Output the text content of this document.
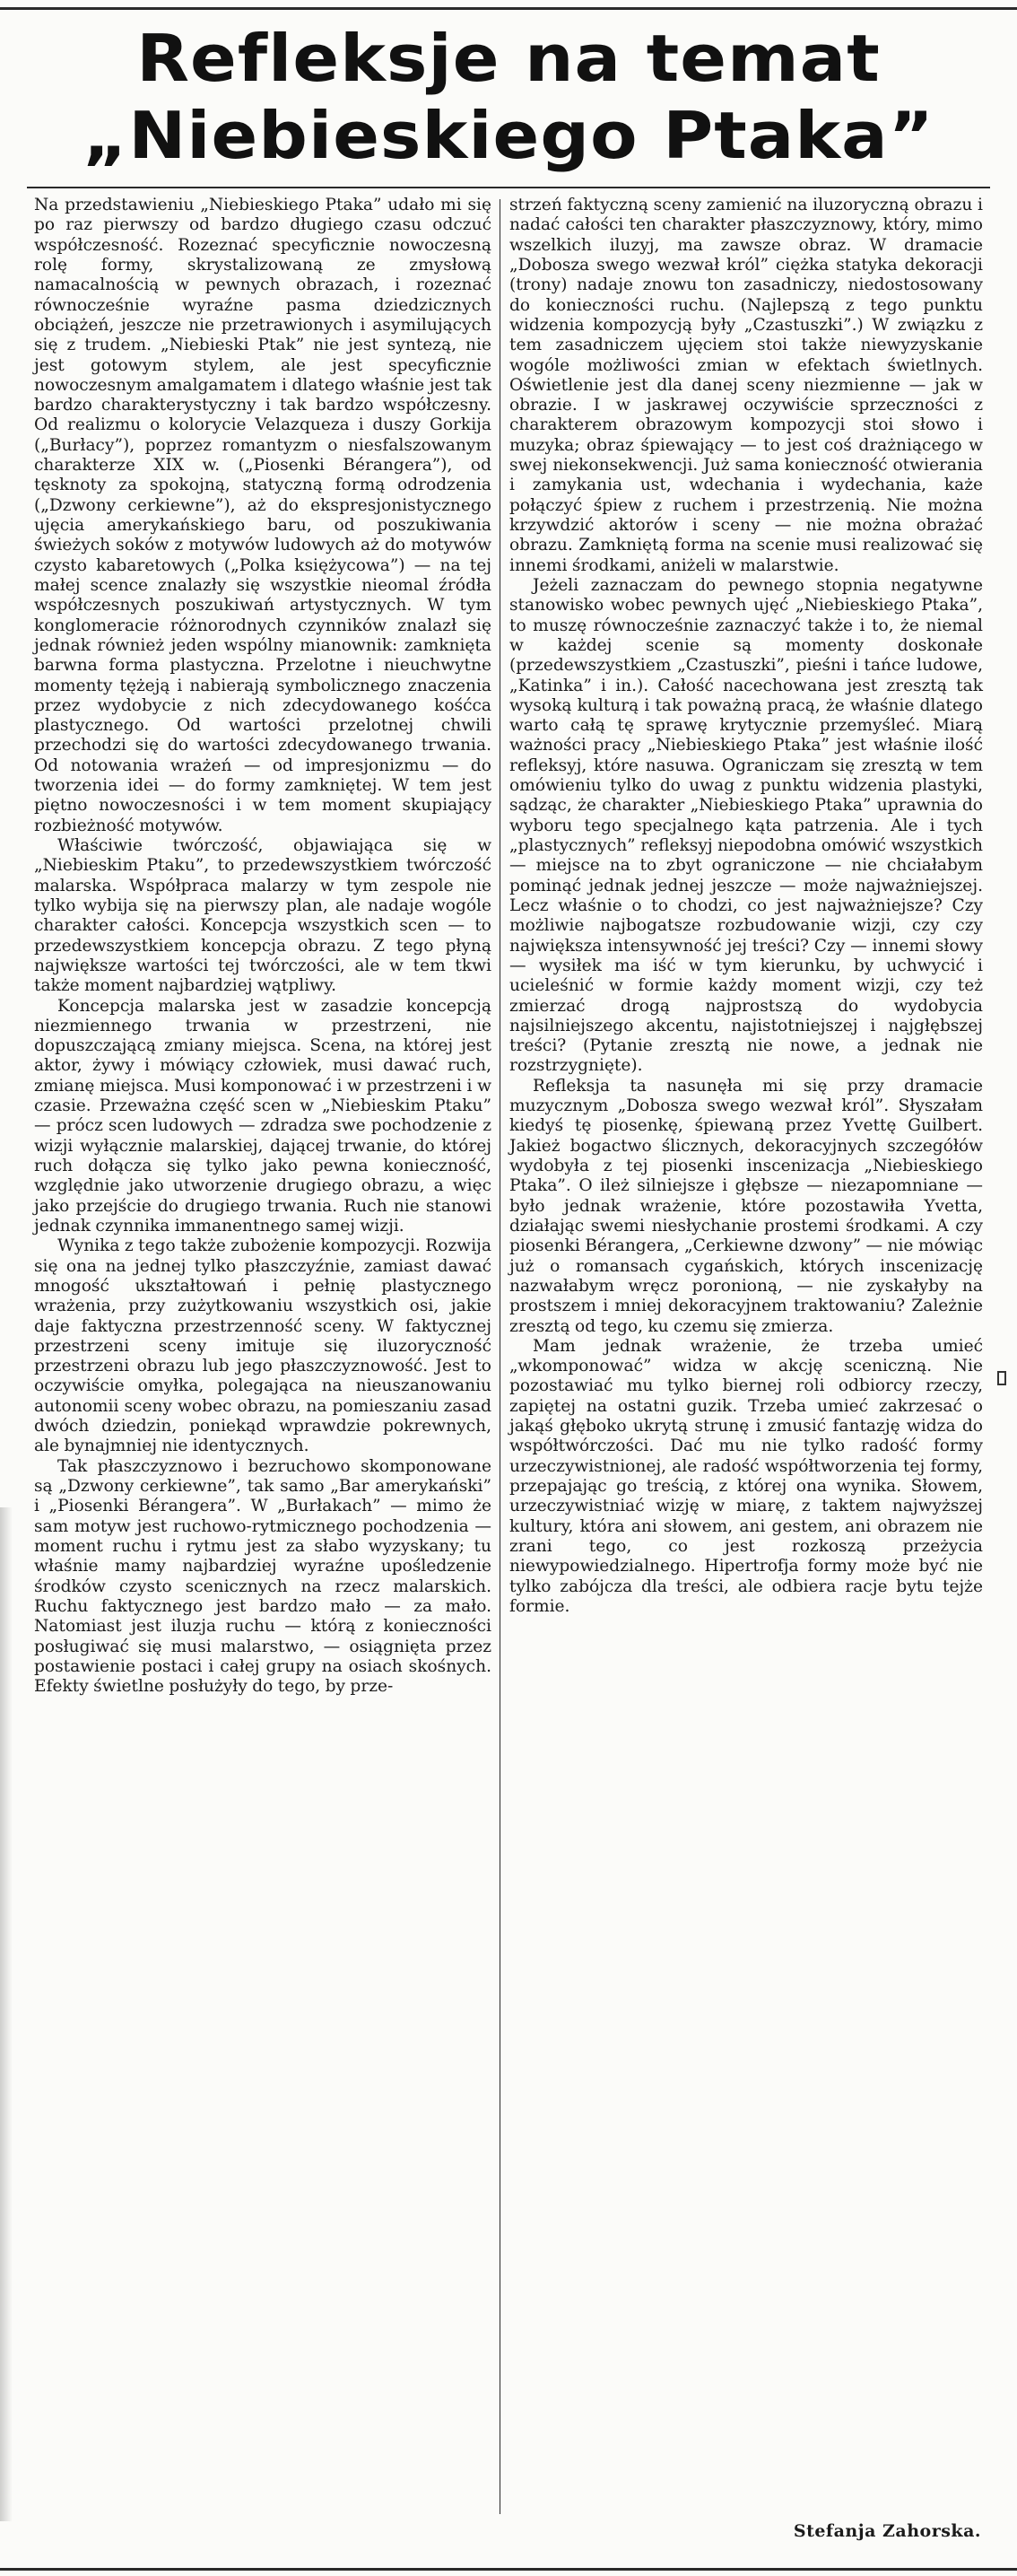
Refleksje na temat
„Niebieskiego Ptaka”

Na przedstawieniu „Niebieskiego Ptaka” udało mi się po raz pierwszy od bardzo długiego czasu odczuć współczesność. Rozeznać specyficznie nowoczesną rolę formy, skrystalizowaną ze zmysłową namacalnością w pewnych obrazach, i rozeznać równocześnie wyraźne pasma dziedzicznych obciążeń, jeszcze nie przetrawionych i asymilujących się z trudem. „Niebieski Ptak” nie jest syntezą, nie jest gotowym stylem, ale jest specyficznie nowoczesnym amalgamatem i dlatego właśnie jest tak bardzo charakterystyczny i tak bardzo współczesny. Od realizmu o kolorycie Velazqueza i duszy Gorkija („Burłacy”), poprzez romantyzm o niesfalszowanym charakterze XIX w. („Piosenki Bérangera”), od tęsknoty za spokojną, statyczną formą odrodzenia („Dzwony cerkiewne”), aż do ekspresjonistycznego ujęcia amerykańskiego baru, od poszukiwania świeżych soków z motywów ludowych aż do motywów czysto kabaretowych („Polka księżycowa”) — na tej małej scence znalazły się wszystkie nieomal źródła współczesnych poszukiwań artystycznych. W tym konglomeracie różnorodnych czynników znalazł się jednak również jeden wspólny mianownik: zamknięta barwna forma plastyczna. Przelotne i nieuchwytne momenty tężeją i nabierają symbolicznego znaczenia przez wydobycie z nich zdecydowanego kośćca plastycznego. Od wartości przelotnej chwili przechodzi się do wartości zdecydowanego trwania. Od notowania wrażeń — od impresjonizmu — do tworzenia idei — do formy zamkniętej. W tem jest piętno nowoczesności i w tem moment skupiający rozbieżność motywów.

Właściwie twórczość, objawiająca się w „Niebieskim Ptaku”, to przedewszystkiem twórczość malarska. Współpraca malarzy w tym zespole nie tylko wybija się na pierwszy plan, ale nadaje wogóle charakter całości. Koncepcja wszystkich scen — to przedewszystkiem koncepcja obrazu. Z tego płyną największe wartości tej twórczości, ale w tem tkwi także moment najbardziej wątpliwy.

Koncepcja malarska jest w zasadzie koncepcją niezmiennego trwania w przestrzeni, nie dopuszczającą zmiany miejsca. Scena, na której jest aktor, żywy i mówiący człowiek, musi dawać ruch, zmianę miejsca. Musi komponować i w przestrzeni i w czasie. Przeważna część scen w „Niebieskim Ptaku” — prócz scen ludowych — zdradza swe pochodzenie z wizji wyłącznie malarskiej, dającej trwanie, do której ruch dołącza się tylko jako pewna konieczność, względnie jako utworzenie drugiego obrazu, a więc jako przejście do drugiego trwania. Ruch nie stanowi jednak czynnika immanentnego samej wizji.

Wynika z tego także zubożenie kompozycji. Rozwija się ona na jednej tylko płaszczyźnie, zamiast dawać mnogość ukształtowań i pełnię plastycznego wrażenia, przy zużytkowaniu wszystkich osi, jakie daje faktyczna przestrzenność sceny. W faktycznej przestrzeni sceny imituje się iluzoryczność przestrzeni obrazu lub jego płaszczyznowość. Jest to oczywiście omyłka, polegająca na nieuszanowaniu autonomii sceny wobec obrazu, na pomieszaniu zasad dwóch dziedzin, poniekąd wprawdzie pokrewnych, ale bynajmniej nie identycznych.

Tak płaszczyznowo i bezruchowo skomponowane są „Dzwony cerkiewne”, tak samo „Bar amerykański” i „Piosenki Bérangera”. W „Burłakach” — mimo że sam motyw jest ruchowo-rytmicznego pochodzenia — moment ruchu i rytmu jest za słabo wyzyskany; tu właśnie mamy najbardziej wyraźne upośledzenie środków czysto scenicznych na rzecz malarskich. Ruchu faktycznego jest bardzo mało — za mało. Natomiast jest iluzja ruchu — którą z konieczności posługiwać się musi malarstwo, — osiągnięta przez postawienie postaci i całej grupy na osiach skośnych. Efekty świetlne posłużyły do tego, by prze-

strzeń faktyczną sceny zamienić na iluzoryczną obrazu i nadać całości ten charakter płaszczyznowy, który, mimo wszelkich iluzyj, ma zawsze obraz. W dramacie „Dobosza swego wezwał król” ciężka statyka dekoracji (trony) nadaje znowu ton zasadniczy, niedostosowany do konieczności ruchu. (Najlepszą z tego punktu widzenia kompozycją były „Czastuszki”.) W związku z tem zasadniczem ujęciem stoi także niewyzyskanie wogóle możliwości zmian w efektach świetlnych. Oświetlenie jest dla danej sceny niezmienne — jak w obrazie. I w jaskrawej oczywiście sprzeczności z charakterem obrazowym kompozycji stoi słowo i muzyka; obraz śpiewający — to jest coś drażniącego w swej niekonsekwencji. Już sama konieczność otwierania i zamykania ust, wdechania i wydechania, każe połączyć śpiew z ruchem i przestrzenią. Nie można krzywdzić aktorów i sceny — nie można obrażać obrazu. Zamkniętą forma na scenie musi realizować się innemi środkami, aniżeli w malarstwie.

Jeżeli zaznaczam do pewnego stopnia negatywne stanowisko wobec pewnych ujęć „Niebieskiego Ptaka”, to muszę równocześnie zaznaczyć także i to, że niemal w każdej scenie są momenty doskonałe (przedewszystkiem „Czastuszki”, pieśni i tańce ludowe, „Katinka” i in.). Całość nacechowana jest zresztą tak wysoką kulturą i tak poważną pracą, że właśnie dlatego warto całą tę sprawę krytycznie przemyśleć. Miarą ważności pracy „Niebieskiego Ptaka” jest właśnie ilość refleksyj, które nasuwa. Ograniczam się zresztą w tem omówieniu tylko do uwag z punktu widzenia plastyki, sądząc, że charakter „Niebieskiego Ptaka” uprawnia do wyboru tego specjalnego kąta patrzenia. Ale i tych „plastycznych” refleksyj niepodobna omówić wszystkich — miejsce na to zbyt ograniczone — nie chciałabym pominąć jednak jednej jeszcze — może najważniejszej. Lecz właśnie o to chodzi, co jest najważniejsze? Czy możliwie najbogatsze rozbudowanie wizji, czy czy największa intensywność jej treści? Czy — innemi słowy — wysiłek ma iść w tym kierunku, by uchwycić i ucieleśnić w formie każdy moment wizji, czy też zmierzać drogą najprostszą do wydobycia najsilniejszego akcentu, najistotniejszej i najgłębszej treści? (Pytanie zresztą nie nowe, a jednak nie rozstrzygnięte).

Refleksja ta nasunęła mi się przy dramacie muzycznym „Dobosza swego wezwał król”. Słyszałam kiedyś tę piosenkę, śpiewaną przez Yvettę Guilbert. Jakież bogactwo ślicznych, dekoracyjnych szczegółów wydobyła z tej piosenki inscenizacja „Niebieskiego Ptaka”. O ileż silniejsze i głębsze — niezapomniane — było jednak wrażenie, które pozostawiła Yvetta, działając swemi niesłychanie prostemi środkami. A czy piosenki Bérangera, „Cerkiewne dzwony” — nie mówiąc już o romansach cygańskich, których inscenizację nazwałabym wręcz poronioną, — nie zyskałyby na prostszem i mniej dekoracyjnem traktowaniu? Zależnie zresztą od tego, ku czemu się zmierza.

Mam jednak wrażenie, że trzeba umieć „wkomponować” widza w akcję sceniczną. Nie pozostawiać mu tylko biernej roli odbiorcy rzeczy, zapiętej na ostatni guzik. Trzeba umieć zakrzesać o jakąś głęboko ukrytą strunę i zmusić fantazję widza do współtwórczości. Dać mu nie tylko radość formy urzeczywistnionej, ale radość współtworzenia tej formy, przepajając go treścią, z której ona wynika. Słowem, urzeczywistniać wizję w miarę, z taktem najwyższej kultury, która ani słowem, ani gestem, ani obrazem nie zrani tego, co jest rozkoszą przeżycia niewypowiedzialnego. Hipertrofja formy może być nie tylko zabójcza dla treści, ale odbiera racje bytu tejże formie.

Stefanja Zahorska.
